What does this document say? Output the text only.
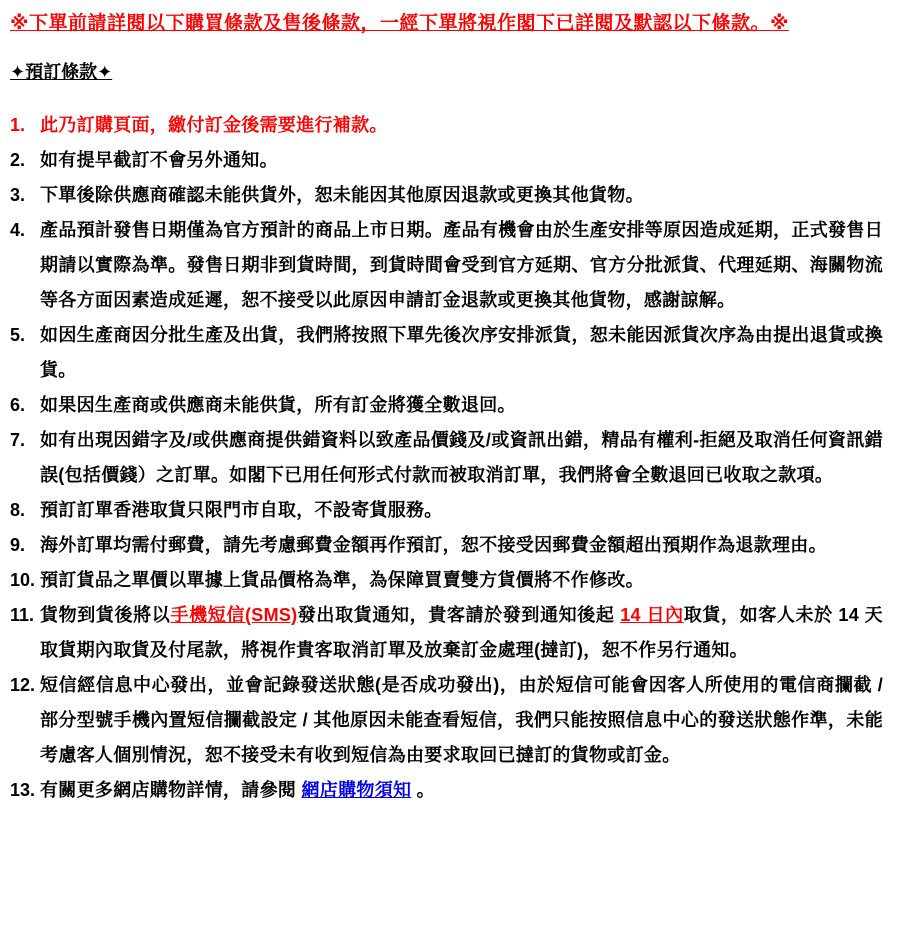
※下單前請詳閱以下購買條款及售後條款，一經下單將視作閣下已詳閱及默認以下條款。※
✦預訂條款✦
1. 此乃訂購頁面，繳付訂金後需要進行補款。
2. 如有提早截訂不會另外通知。
3. 下單後除供應商確認未能供貨外，恕未能因其他原因退款或更換其他貨物。
4. 產品預計發售日期僅為官方預計的商品上市日期。產品有機會由於生產安排等原因造成延期，正式發售日期請以實際為準。發售日期非到貨時間，到貨時間會受到官方延期、官方分批派貨、代理延期、海關物流等各方面因素造成延遲，恕不接受以此原因申請訂金退款或更換其他貨物，感謝諒解。
5. 如因生產商因分批生產及出貨，我們將按照下單先後次序安排派貨，恕未能因派貨次序為由提出退貨或換貨。
6. 如果因生產商或供應商未能供貨，所有訂金將獲全數退回。
7. 如有出現因錯字及/或供應商提供錯資料以致產品價錢及/或資訊出錯，精品有權利-拒絕及取消任何資訊錯誤(包括價錢）之訂單。如閣下已用任何形式付款而被取消訂單，我們將會全數退回已收取之款項。
8. 預訂訂單香港取貨只限門市自取，不設寄貨服務。
9. 海外訂單均需付郵費，請先考慮郵費金額再作預訂，恕不接受因郵費金額超出預期作為退款理由。
10. 預訂貨品之單價以單據上貨品價格為準，為保障買賣雙方貨價將不作修改。
11. 貨物到貨後將以手機短信(SMS)發出取貨通知，貴客請於發到通知後起 14 日內取貨，如客人未於 14 天取貨期內取貨及付尾款，將視作貴客取消訂單及放棄訂金處理(撻訂)，恕不作另行通知。
12. 短信經信息中心發出，並會記錄發送狀態(是否成功發出)，由於短信可能會因客人所使用的電信商攔截 / 部分型號手機內置短信攔截設定 / 其他原因未能查看短信，我們只能按照信息中心的發送狀態作準，未能考慮客人個別情況，恕不接受未有收到短信為由要求取回已撻訂的貨物或訂金。
13. 有關更多網店購物詳情，請參閱 網店購物須知 。
